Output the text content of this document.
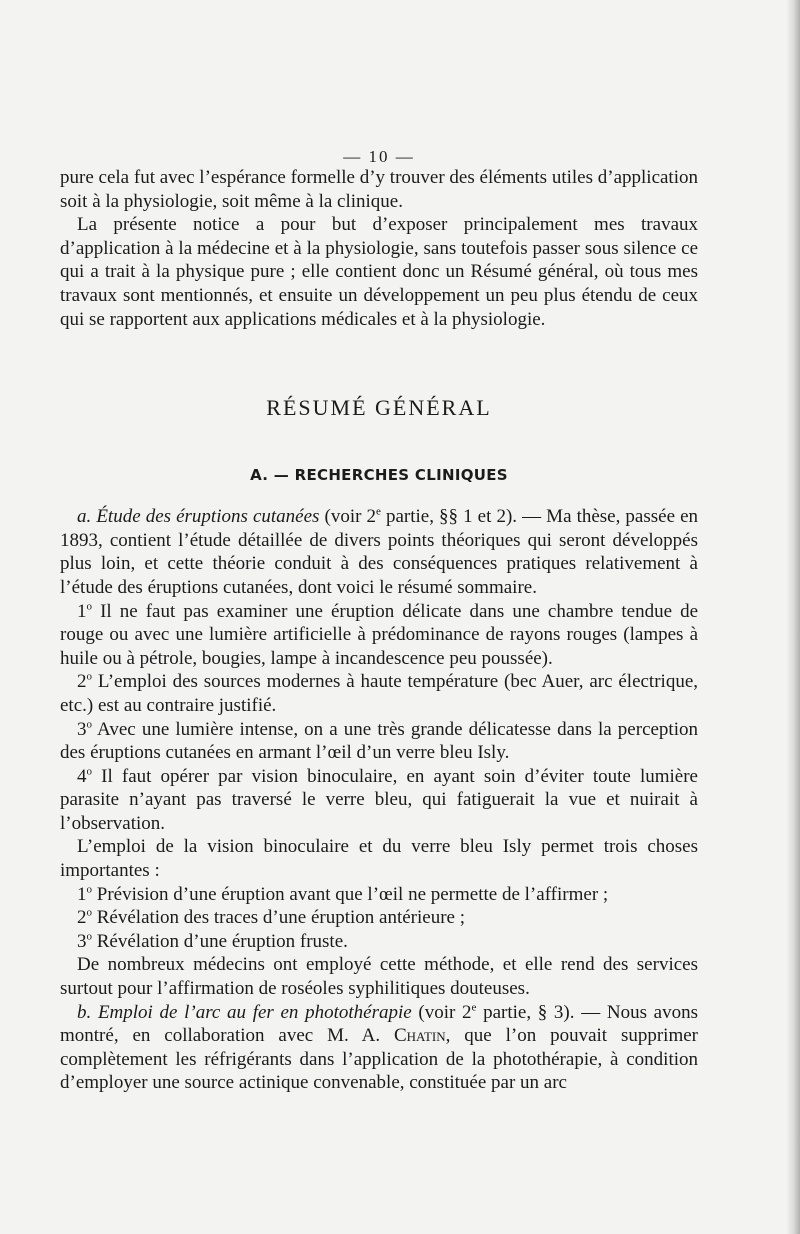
— 10 —

pure cela fut avec l’espérance formelle d’y trouver des éléments utiles d’application soit à la physiologie, soit même à la clinique.

La présente notice a pour but d’exposer principalement mes travaux d’application à la médecine et à la physiologie, sans toutefois passer sous silence ce qui a trait à la physique pure ; elle contient donc un Résumé général, où tous mes travaux sont mentionnés, et ensuite un développement un peu plus étendu de ceux qui se rapportent aux applications médicales et à la physiologie.

RÉSUMÉ GÉNÉRAL
A. — RECHERCHES CLINIQUES

a. Étude des éruptions cutanées (voir 2e partie, §§ 1 et 2). — Ma thèse, passée en 1893, contient l’étude détaillée de divers points théoriques qui seront développés plus loin, et cette théorie conduit à des conséquences pratiques relativement à l’étude des éruptions cutanées, dont voici le résumé sommaire.

1$^o$ Il ne faut pas examiner une éruption délicate dans une chambre tendue de rouge ou avec une lumière artificielle à prédominance de rayons rouges (lampes à huile ou à pétrole, bougies, lampe à incandescence peu poussée).

2$^o$ L’emploi des sources modernes à haute température (bec Auer, arc électrique, etc.) est au contraire justifié.

3$^o$ Avec une lumière intense, on a une très grande délicatesse dans la perception des éruptions cutanées en armant l’œil d’un verre bleu Isly.

4$^o$ Il faut opérer par vision binoculaire, en ayant soin d’éviter toute lumière parasite n’ayant pas traversé le verre bleu, qui fatiguerait la vue et nuirait à l’observation.

L’emploi de la vision binoculaire et du verre bleu Isly permet trois choses importantes :

1$^o$ Prévision d’une éruption avant que l’œil ne permette de l’affirmer ;

2$^o$ Révélation des traces d’une éruption antérieure ;

3$^o$ Révélation d’une éruption fruste.

De nombreux médecins ont employé cette méthode, et elle rend des services surtout pour l’affirmation de roséoles syphilitiques douteuses.

b. Emploi de l’arc au fer en photothérapie (voir 2e partie, § 3). — Nous avons montré, en collaboration avec M. A. Chatin, que l’on pouvait supprimer complètement les réfrigérants dans l’application de la photothérapie, à condition d’employer une source actinique convenable, constituée par un arc
